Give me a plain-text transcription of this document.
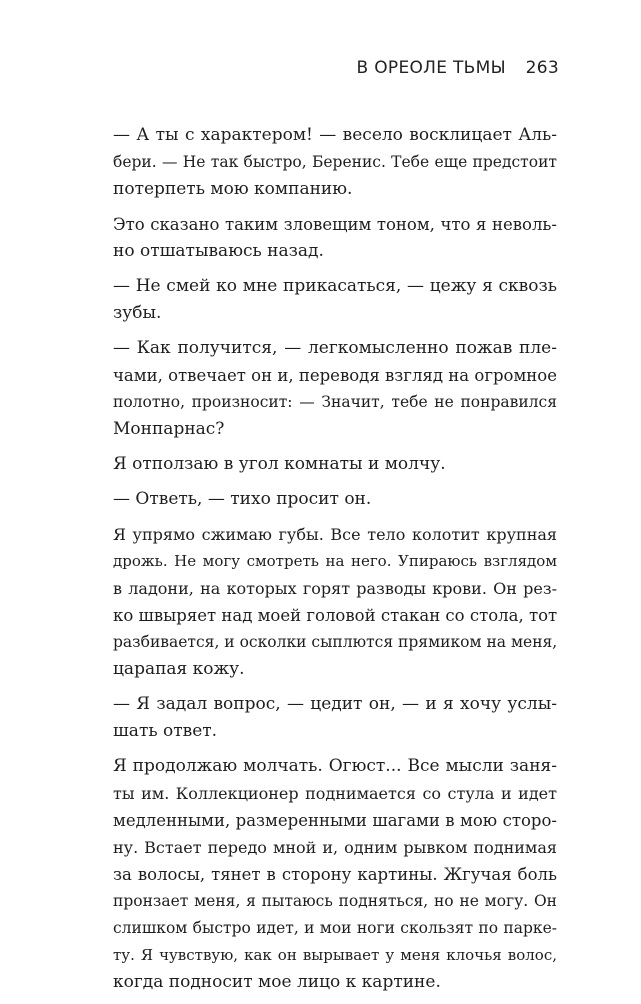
В ОРЕОЛЕ ТЬМЫ 263
— А ты с характером! — весело восклицает Аль-
бери. — Не так быстро, Беренис. Тебе еще предстоит
потерпеть мою компанию.
Это сказано таким зловещим тоном, что я неволь-
но отшатываюсь назад.
— Не смей ко мне прикасаться, — цежу я сквозь
зубы.
— Как получится, — легкомысленно пожав пле-
чами, отвечает он и, переводя взгляд на огромное
полотно, произносит: — Значит, тебе не понравился
Монпарнас?
Я отползаю в угол комнаты и молчу.
— Ответь, — тихо просит он.
Я упрямо сжимаю губы. Все тело колотит крупная
дрожь. Не могу смотреть на него. Упираюсь взглядом
в ладони, на которых горят разводы крови. Он рез-
ко швыряет над моей головой стакан со стола, тот
разбивается, и осколки сыплются прямиком на меня,
царапая кожу.
— Я задал вопрос, — цедит он, — и я хочу услы-
шать ответ.
Я продолжаю молчать. Огюст... Все мысли заня-
ты им. Коллекционер поднимается со стула и идет
медленными, размеренными шагами в мою сторо-
ну. Встает передо мной и, одним рывком поднимая
за волосы, тянет в сторону картины. Жгучая боль
пронзает меня, я пытаюсь подняться, но не могу. Он
слишком быстро идет, и мои ноги скользят по парке-
ту. Я чувствую, как он вырывает у меня клочья волос,
когда подносит мое лицо к картине.
